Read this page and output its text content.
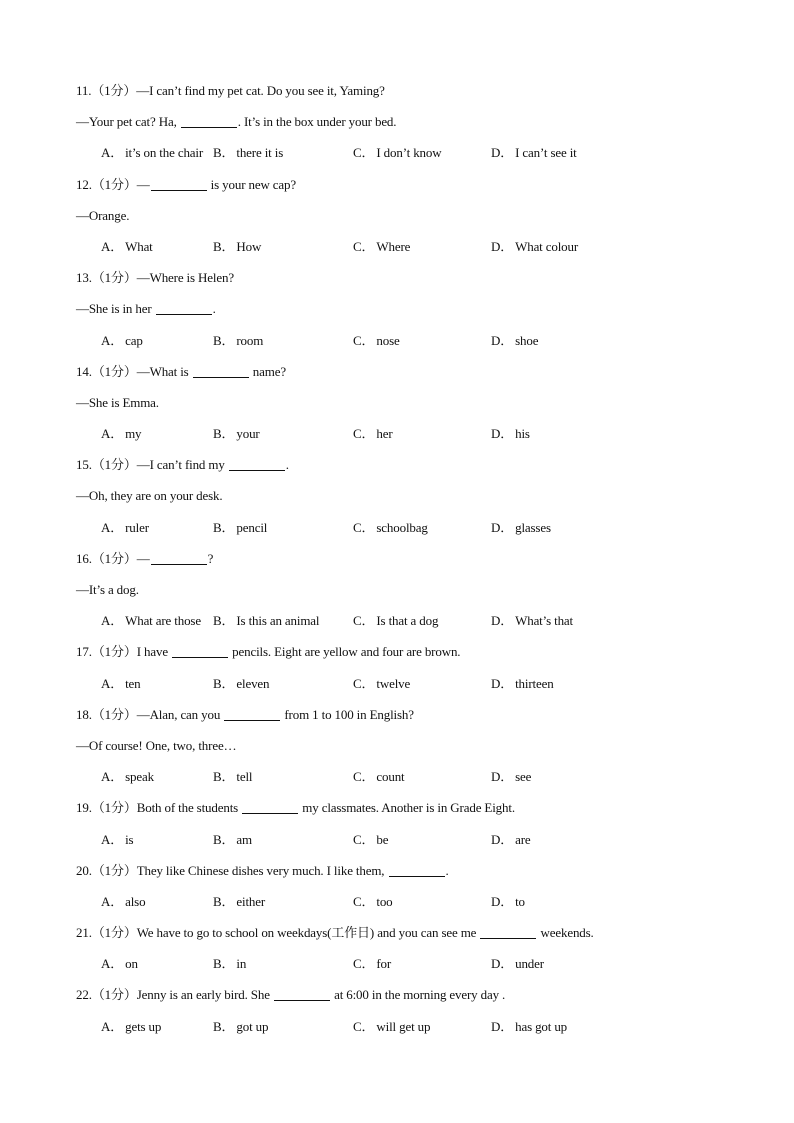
11.（1分）—I can’t find my pet cat. Do you see it, Yaming?
—Your pet cat? Ha,	. It’s in the box under your bed.
A． it’s on the chair B． there it is	C． I don’t know	D． I can’t see it
12.（1分）—	is your new cap?
—Orange.
A． What	B． How	C． Where	D． What colour
13.（1分）—Where is Helen?
—She is in her	.
A． cap	B． room	C． nose	D． shoe
14.（1分）—What is	name?
—She is Emma.
A． my	B． your	C． her	D． his
15.（1分）—I can’t find my	.
—Oh, they are on your desk.
A． ruler	B． pencil	C． schoolbag	D． glasses
16.（1分）—	?
—It’s a dog.
A． What are those B． Is this an animal	C． Is that a dog	D． What’s that
17.（1分）I have	pencils. Eight are yellow and four are brown.
A． ten	B． eleven	C． twelve	D． thirteen
18.（1分）—Alan, can you	from 1 to 100 in English?
—Of course! One, two, three…
A． speak	B． tell	C． count	D． see
19.（1分）Both of the students	my classmates. Another is in Grade Eight.
A． is	B． am	C． be	D． are
20.（1分）They like Chinese dishes very much. I like them,	.
A． also	B． either	C． too	D． to
21.（1分）We have to go to school on weekdays(工作日) and you can see me	weekends.
A． on	B． in	C． for	D． under
22.（1分）Jenny is an early bird. She	at 6:00 in the morning every day .
A． gets up	B． got up	C． will get up	D． has got up
